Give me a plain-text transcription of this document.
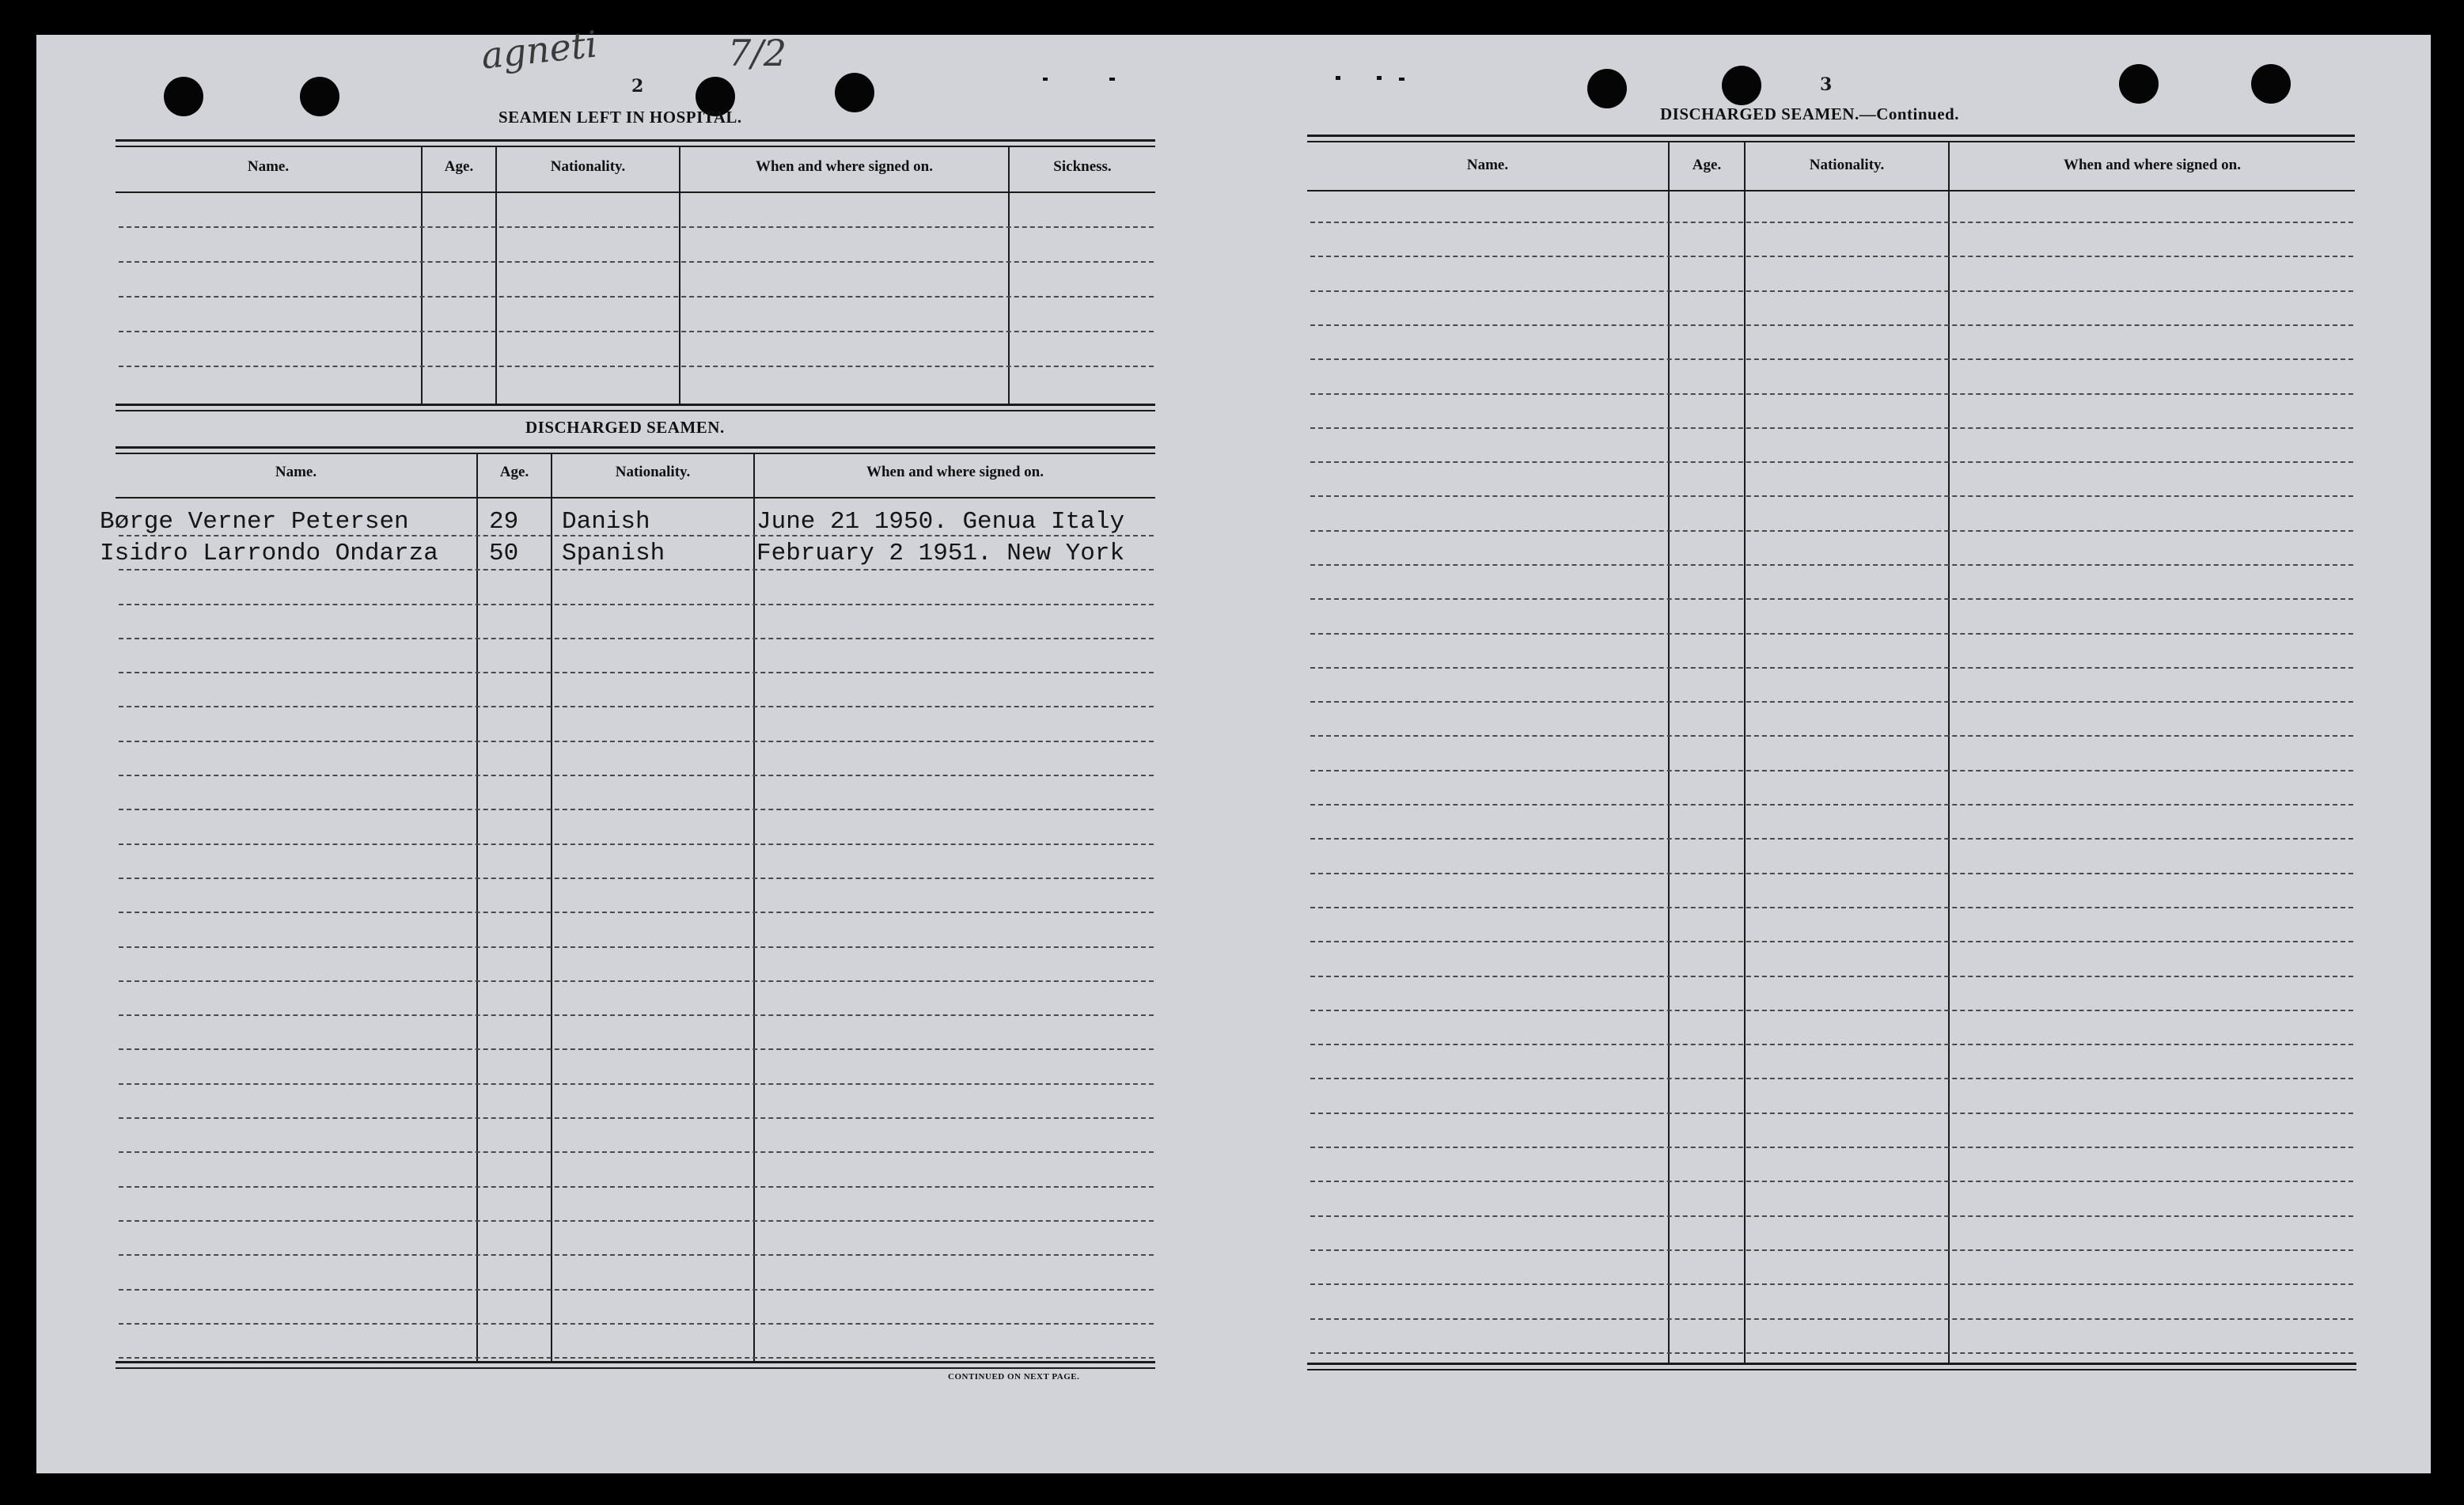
agneti	7/2
2
SEAMEN LEFT IN HOSPITAL.
Name.	Age.	Nationality.	When and where signed on.	Sickness.
DISCHARGED SEAMEN.
Name.	Age.	Nationality.	When and where signed on.
Børge Verner Petersen	29 Danish	June 21 1950. Genua Italy
Isidro Larrondo Ondarza 50 Spanish	February 2 1951. New York
CONTINUED ON NEXT PAGE.
3
DISCHARGED SEAMEN.—Continued.
Name.	Age.	Nationality.	When and where signed on.
